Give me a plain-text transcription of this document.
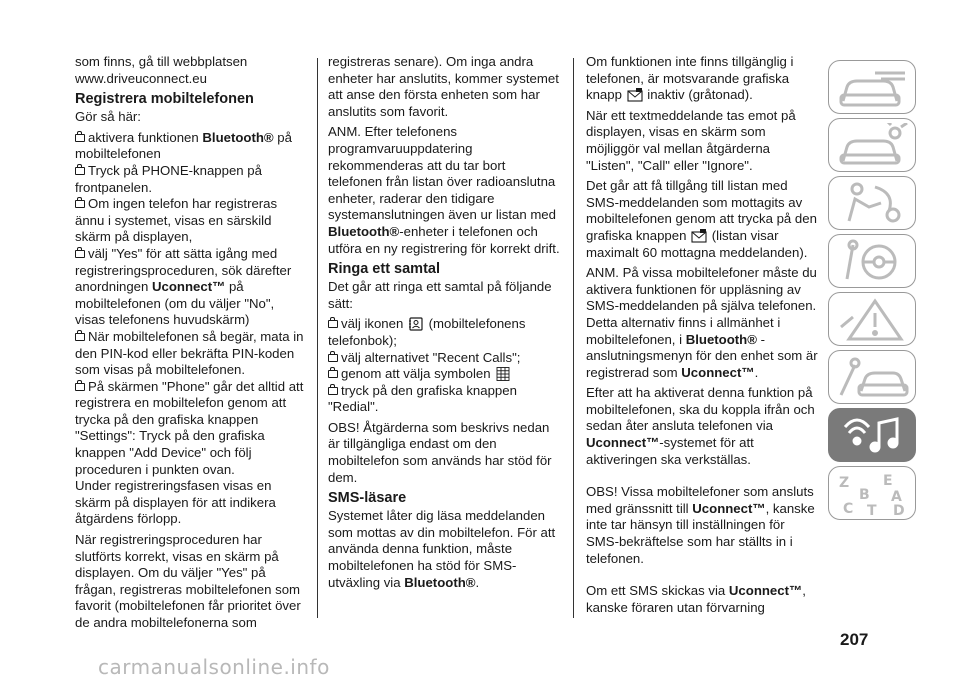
som finns, gå till webbplatsen www.driveuconnect.eu

Registrera mobiltelefonen

Gör så här:

aktivera funktionen Bluetooth® på mobiltelefonen

Tryck på PHONE-knappen på frontpanelen.

Om ingen telefon har registreras ännu i systemet, visas en särskild skärm på displayen,

välj "Yes" för att sätta igång med registreringsproceduren, sök därefter anordningen Uconnect™ på mobiltelefonen (om du väljer "No", visas telefonens huvudskärm)

När mobiltelefonen så begär, mata in den PIN-kod eller bekräfta PIN-koden som visas på mobiltelefonen.

På skärmen "Phone" går det alltid att registrera en mobiltelefon genom att trycka på den grafiska knappen "Settings": Tryck på den grafiska knappen "Add Device" och följ proceduren i punkten ovan.

Under registreringsfasen visas en skärm på displayen för att indikera åtgärdens förlopp.

När registreringsproceduren har slutförts korrekt, visas en skärm på displayen. Om du väljer "Yes" på frågan, registreras mobiltelefonen som favorit (mobiltelefonen får prioritet över de andra mobiltelefonerna som

registreras senare). Om inga andra enheter har anslutits, kommer systemet att anse den första enheten som har anslutits som favorit.

ANM. Efter telefonens programvaruuppdatering rekommenderas att du tar bort telefonen från listan över radioanslutna enheter, raderar den tidigare systemanslutningen även ur listan med Bluetooth®-enheter i telefonen och utföra en ny registrering för korrekt drift.

Ringa ett samtal

Det går att ringa ett samtal på följande sätt:

välj ikonen  (mobiltelefonens telefonbok);

välj alternativet "Recent Calls";

genom att välja symbolen

tryck på den grafiska knappen "Redial".

OBS! Åtgärderna som beskrivs nedan är tillgängliga endast om den mobiltelefon som används har stöd för dem.

SMS-läsare

Systemet låter dig läsa meddelanden som mottas av din mobiltelefon. För att använda denna funktion, måste mobiltelefonen ha stöd för SMS-utväxling via Bluetooth®.

Om funktionen inte finns tillgänglig i telefonen, är motsvarande grafiska knapp  inaktiv (gråtonad).

När ett textmeddelande tas emot på displayen, visas en skärm som möjliggör val mellan åtgärderna "Listen", "Call" eller "Ignore".

Det går att få tillgång till listan med SMS-meddelanden som mottagits av mobiltelefonen genom att trycka på den grafiska knappen  (listan visar maximalt 60 mottagna meddelanden).

ANM. På vissa mobiltelefoner måste du aktivera funktionen för uppläsning av SMS-meddelanden på själva telefonen. Detta alternativ finns i allmänhet i mobiltelefonen, i Bluetooth® -anslutningsmenyn för den enhet som är registrerad som Uconnect™.

Efter att ha aktiverat denna funktion på mobiltelefonen, ska du koppla ifrån och sedan åter ansluta telefonen via Uconnect™-systemet för att aktiveringen ska verkställas.

OBS! Vissa mobiltelefoner som ansluts med gränssnitt till Uconnect™, kanske inte tar hänsyn till inställningen för SMS-bekräftelse som har ställts in i telefonen.

Om ett SMS skickas via Uconnect™, kanske föraren utan förvarning

Z E
B A
C T D
207
carmanualsonline.info
